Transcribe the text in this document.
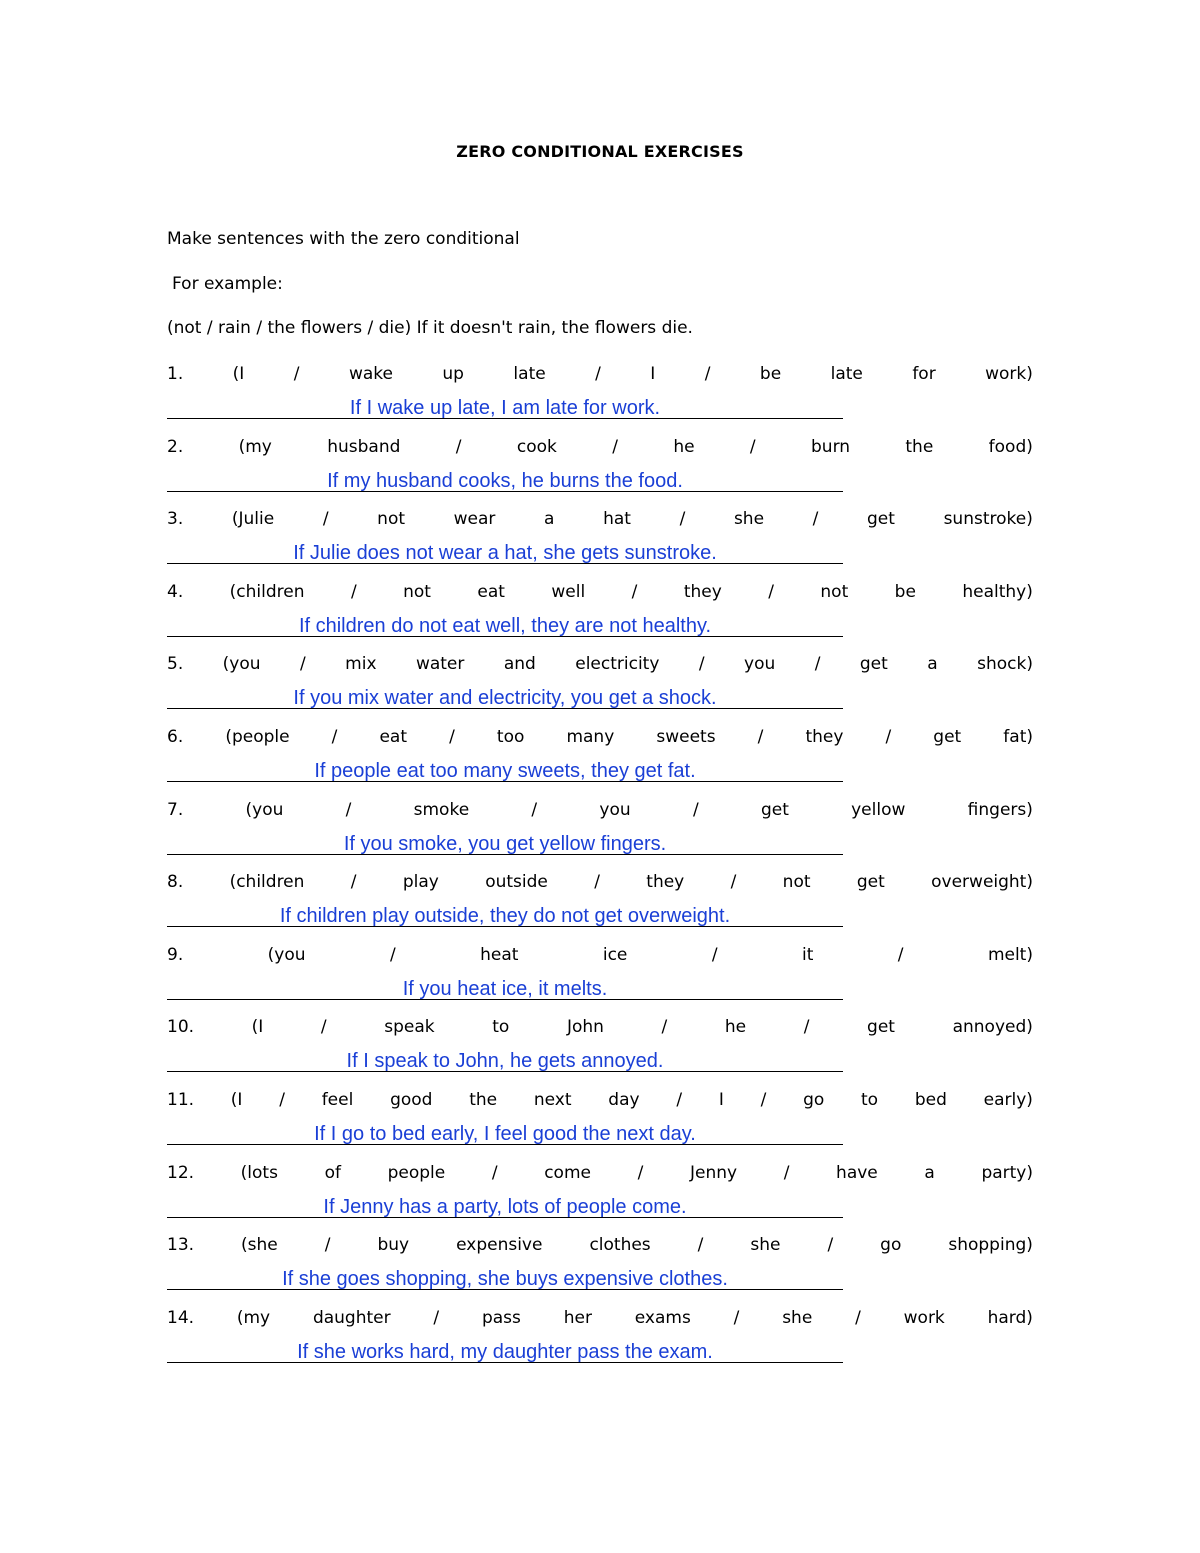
ZERO CONDITIONAL EXERCISES
Make sentences with the zero conditional
For example:
(not / rain / the flowers / die) If it doesn't rain, the flowers die.
1.	(I	/	wake	up	late	/	I	/	be	late	for	work)
If I wake up late, I am late for work.
2.	(my	husband	/	cook	/	he	/	burn	the	food)
If my husband cooks, he burns the food.
3.	(Julie	/	not	wear	a	hat	/	she	/	get	sunstroke)
If Julie does not wear a hat, she gets sunstroke.
4.	(children	/	not	eat	well	/	they	/	not	be	healthy)
If children do not eat well, they are not healthy.
5. (you / mix water and electricity / you / get a shock)
If you mix water and electricity, you get a shock.
6. (people / eat / too many sweets / they / get fat)
If people eat too many sweets, they get fat.
7.	(you	/	smoke	/	you	/	get	yellow	fingers)
If you smoke, you get yellow fingers.
8.	(children	/	play	outside	/	they	/	not	get	overweight)
If children play outside, they do not get overweight.
9.	(you	/	heat	ice	/	it	/	melt)
If you heat ice, it melts.
10.	(I	/	speak	to	John	/	he	/	get	annoyed)
If I speak to John, he gets annoyed.
11. (I / feel good the next day / I / go to bed early)
If I go to bed early, I feel good the next day.
12.	(lots	of	people	/	come	/	Jenny	/	have	a	party)
If Jenny has a party, lots of people come.
13.	(she	/	buy	expensive	clothes	/	she	/	go	shopping)
If she goes shopping, she buys expensive clothes.
14.	(my	daughter	/	pass	her	exams	/	she	/	work	hard)
If she works hard, my daughter pass the exam.
